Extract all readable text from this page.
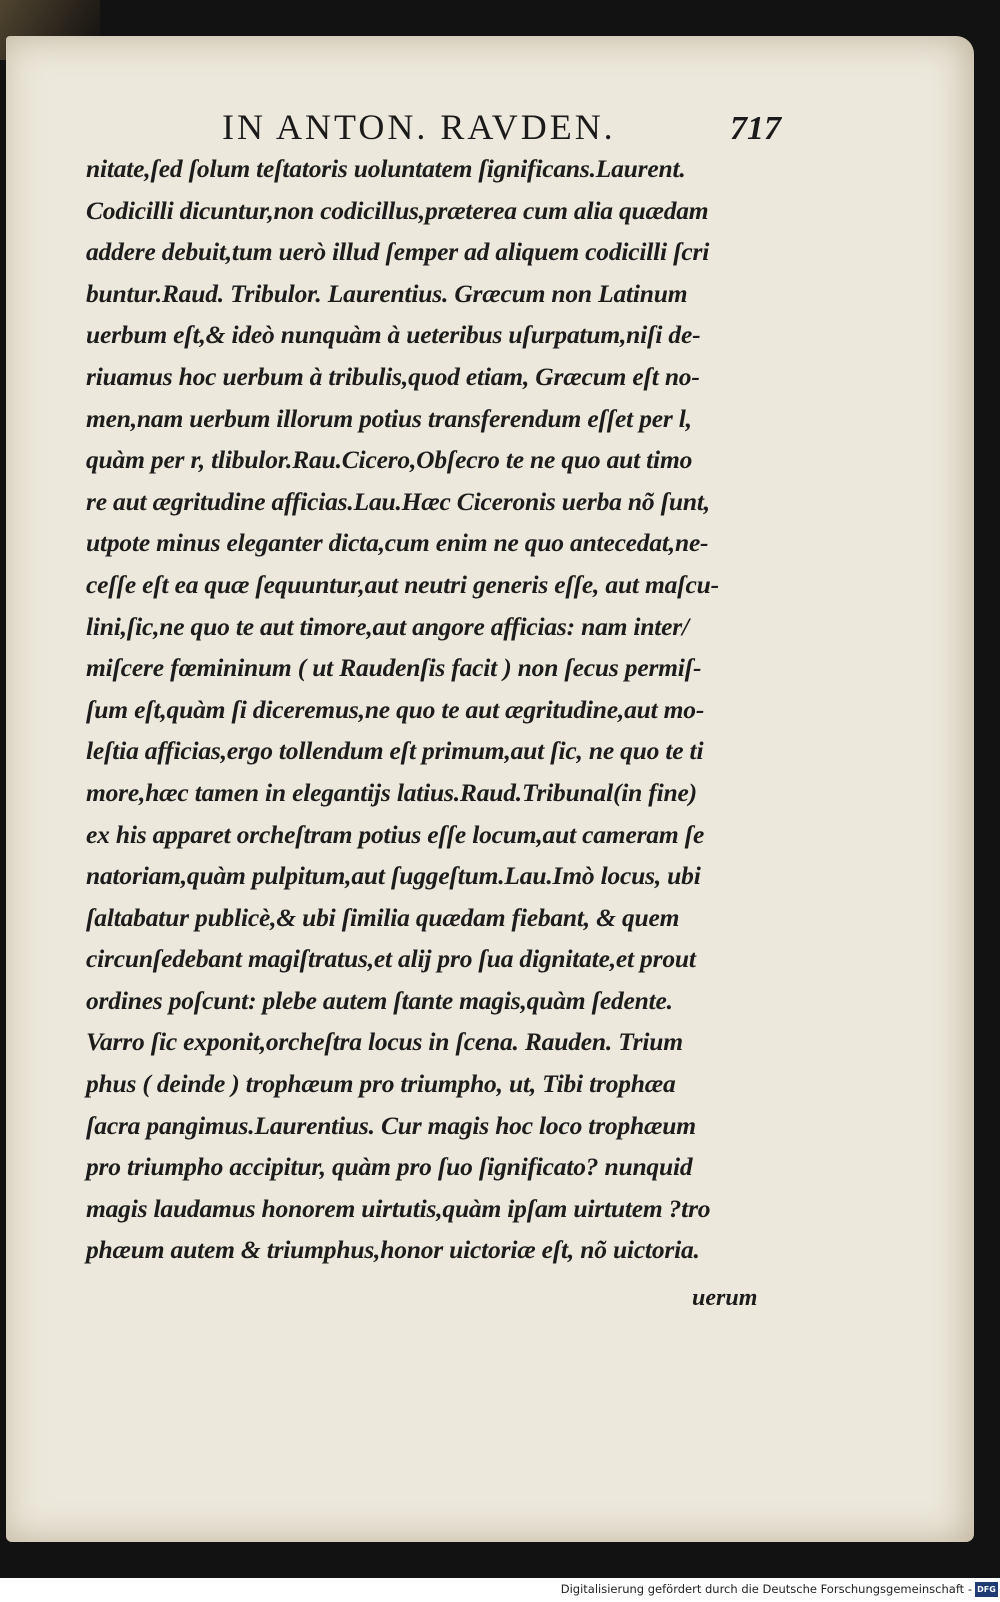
IN ANTON. RAVDEN.	717
nitate,ſed ſolum teſtatoris uoluntatem ſignificans.Laurent.
Codicilli dicuntur,non codicillus,præterea cum alia quædam
addere debuit,tum uerò illud ſemper ad aliquem codicilli ſcri
buntur.Raud. Tribulor. Laurentius. Græcum non Latinum
uerbum eſt,& ideò nunquàm à ueteribus uſurpatum,niſi de-
riuamus hoc uerbum à tribulis,quod etiam, Græcum eſt no-
men,nam uerbum illorum potius transferendum eſſet per l,
quàm per r, tlibulor.Rau.Cicero,Obſecro te ne quo aut timo
re aut ægritudine afficias.Lau.Hæc Ciceronis uerba nõ ſunt,
utpote minus eleganter dicta,cum enim ne quo antecedat,ne-
ceſſe eſt ea quæ ſequuntur,aut neutri generis eſſe, aut maſcu-
lini,ſic,ne quo te aut timore,aut angore afficias: nam inter/
miſcere fœmininum ( ut Raudenſis facit ) non ſecus permiſ-
ſum eſt,quàm ſi diceremus,ne quo te aut ægritudine,aut mo-
leſtia afficias,ergo tollendum eſt primum,aut ſic, ne quo te ti
more,hæc tamen in elegantijs latius.Raud.Tribunal(in fine)
ex his apparet orcheſtram potius eſſe locum,aut cameram ſe
natoriam,quàm pulpitum,aut ſuggeſtum.Lau.Imò locus, ubi
ſaltabatur publicè,& ubi ſimilia quædam fiebant, & quem
circunſedebant magiſtratus,et alij pro ſua dignitate,et prout
ordines poſcunt: plebe autem ſtante magis,quàm ſedente.
Varro ſic exponit,orcheſtra locus in ſcena. Rauden. Trium
phus ( deinde ) trophæum pro triumpho, ut, Tibi trophæa
ſacra pangimus.Laurentius. Cur magis hoc loco trophæum
pro triumpho accipitur, quàm pro ſuo ſignificato? nunquid
magis laudamus honorem uirtutis,quàm ipſam uirtutem ?tro
phæum autem & triumphus,honor uictoriæ eſt, nõ uictoria.
uerum
Digitalisierung gefördert durch die Deutsche Forschungsgemeinschaft - DFG
